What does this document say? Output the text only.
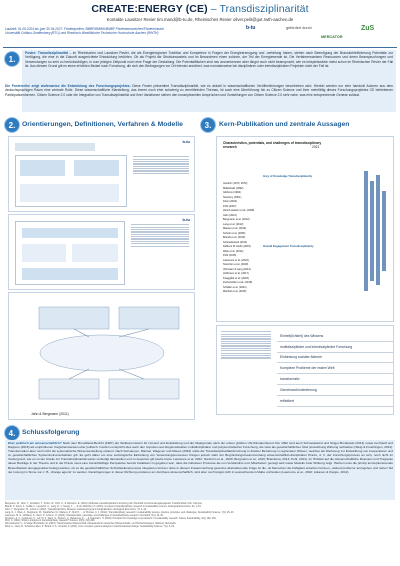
CREATE:ENERGY (CE) – Transdisziplinarität
Kontakte Lausitzer Revier tim.mand@b-tu.de, Rheinisches Revier oliver.pelit@gut.rwth-aachen.de
Laufzeit: 01.05.2024 bis (per 30.04.2027. Förderquellen: BMBF/BMWK/BMBF Förderkennzeichen/Förderhinweis
Universität Cottbus-Senftenberg (BTU) und Rheinisch-Westfälische Technische Hochschule Aachen (RWTH)
b-tu	gefördert durch
MERCATOR
ZuS
1.
Poster: Transdisziplinarität – im Rheinischen und Lausitzer Revier, die als Energieregionen Tradition und Kompetenz in Fragen der Energieerzeugung und -verteilung haben, stehen nach Beendigung der Braunkohleförderung Potentiale zur Verfügung, die eine in die Zukunft ausgerichtete Entwicklung bedürfen. Ob als Projekt die Strukturwandels und im Besonderen einen solchen, der Teil der Energiewende ist. Die Verfahrensweisen Ressourcen und deren Beanspruchungen und Verwendungen so sehr zu berücksichtigen, in zum jetzigen Zeitpunkt noch eine Frage der Gestaltung. Die Potentialflächen sind neu anzuerkennen aber längst noch nicht beansprucht, wie es beispielsweise meist schon im Rheinischen Revier der Fall ist. Aus diesem Grund gilt es einen erhöhten Bedarf nach Forschung, die sich den Bedingungen vor Ort intensiv annähert, was normalerweise bei disziplinären oder interdisziplinären Projekten nicht der Fall ist.
Die Posterreihe zeigt stufenweise die Entwicklung des Forschungsprojektes: Diese Poster präsentiert Transdisziplinarität, wie es aktuell in wissenschaftlichen Veröffentlichungen beschrieben wird. Hierbei werden nur eine handvoll Autoren aus dem deutschsprachigen Raum eine zentrale Rolle. Diese wissenschaftliche Klarstellung, das immer noch eher schwierig zu vermittelnden Themas, ist auch eine Überführung hin zu Citizen Science und ihrer mehrfältig dieses Forschungsprojektes CE betriebenen Partizipationsformen. Citizen Science 2.0 oder die Integration von Transdisziplinarität und ihrer Variationen stehen den konzeptionellen Ansprüchen und Vorstellungen von Citizen Science 2.0 sehr nahe, was eine entsprechende Genese zulässt.
2. Orientierungen, Definitionen, Verfahren & Modelle
b-tu
b-tu
Jahn & Bergmann (2011)
3.	Kern-Publikation und zentrale Aussagen
Characteristics, potentials, and challenges of transdisciplinary research	2021
Grey of Knowledge Transdisciplinarity
Overall Engagement Transdisciplinarity
Jantsch (1970, 1972)
Mittelstraß (1992)
Gibbons (1994)
Nowotny (2001)
Klein (2004)
Pohl (2007)
Hirsch Hadorn et al. (2008)
Jahn (2012)
Bergmann et al. (2012)
Lang et al. (2012)
Mauser et al. (2013)
Scholz et al. (2006)
Brandt et al. (2013)
Schneidewind (2011)
Defila & Di Giulio (2015)
Wiek et al. (2012)
Polk (2015)
Lawrence et al. (2022)
Norström et al. (2020)
Vilsmaier & Lang (2014)
Hoffmann et al. (2017)
Knaggård et al. (2018)
Zscheischler et al. (2018)
Schäfer et al. (2021)
Mitchell et al. (2015)
Einheit(lichkeit) des Wissens
multidisziplinäre und interdisziplinäre Forschung
Einbindung sozialer Akteure
Komplexe Probleme der realen Welt
transformativ
Gemeinwohlorientierung
reflektiert
4. Schlussfolgerung
Eher politisch als wissenschaftlich? Nach dem Brundtland-Bericht (1987) der Weltkommission für Umwelt und Entwicklung und der Dialogrunde nach der ersten größten UN-Klimakonferenz Rio 1992 sind auch Schneidewind und Singer-Brodowski (2013) sowie bei Rauff und Rappers (2018) als empfohlenen Vorgehensweisen eher politisch. Insofern entspricht dies auch den Impulsen aus Regionalstudien multidisziplinärer und polyzentristischer Forschung, die zwar als gesellschaftliches Übel (Auswirkung Wirkung verbleiben (Weig & Froehlingen, 2014). Transformation aber noch nicht als systematische Wissenserstellung erkannt. Nach Kelmanyen, Marinel, Wagener und Mauss (2016) sollte die Transdisziplinaritätsforschung in direkter Beziehung in regionalem Wissen, welches als Werkzeug zur Entwicklung von kooperativen und zu gesellschaftlichen Systeminstrumentalisten gilt. Es geht dabei um eine soziologische Einbettung von Verwertungsprozessen bringen jedoch steht der Begründungszusammenhang wissenschaftlich-disziplinärer Praxis, d. h. der Forschungsprozess an sich, noch nicht im Vordergrund, wie es zu der Urteile zur Transdisziplinarität weiter verfestigt dazustellen und zu bewerten gilt (siehe bspw. Lawrence et al. 2022; Norström et al., 2020; Bergmann et al., 2010; Brandsma, 2014; Pohl, 2014). Im Hinblick auf die wissenschaftliche Relevanz und Tragweite dieser Beiträge in der Theorie und in der Praxis muss eine zukunftsfähige Perspektive bereits initialisiert zu gegeben sein, dass die inklusiven Prozesse als von Verständnis und ‚Mitarbeiten' gezeigt wird sowie Modelle zwar Wirkung zeigt. Hierbei muss die prinzip konzeptionierende Bewertbarkeit demgegenüber beliegt werden, ob es die gesellschaftlichen Schnittstellenprozesse integrieren können. Eine in diesem Zusammenhang gesetzes abstrahierende Frage ist die, ob Menschen die Fähigkeit erwerben können, ‚wicked problems' anzugehen und neben Teil der Lösung im Sinne von z. B. ‚change agents' zu werden. Derartigerungen in dieser Richtung existieren am durchaus wissenschaftlich, sind aber noch längst nicht in ausreichendem Maße vorhanden (Lawrence et al., 2022; Liikanen & Kleppe, 2012).
Bergmann, M., Jahn, T., Knobloch, T., Krohn, W., Pohl, C., & Schramm, E. (2010). Methoden transdisziplinärer Forschung. Ein Überblick mit Anwendungsbeispielen. Frankfurt/New York: Campus.
Brandt, P., Ernst, A., Gralla, F., Luederitz, C., Lang, D. J., Newig, J., ... & von Wehrden, H. (2013). A review of transdisciplinary research in sustainability science. Ecological Economics, 92, 1–15.
Jahn, T., Bergmann, M., & Keil, F. (2012). Transdisciplinarity: Between mainstreaming and marginalization. Ecological Economics, 79, 1–10.
Lang, D. J., Wiek, A., Bergmann, M., Stauffacher, M., Martens, P., Moll, P., ... & Thomas, C. J. (2012). Transdisciplinary research in sustainability science: practice, principles, and challenges. Sustainability Science, 7(1), 25–43.
Lawrence, M. G., Williams, S., Nanz, P., & Renn, O. (2022). Characteristics, potentials, and challenges of transdisciplinary research. One Earth, 5(1), 44–61.
Norström, A. V., Cvitanovic, C., Löf, M. F., West, S., Wyborn, C., Balvanera, P., ... & Österblom, H. (2020). Principles for knowledge co-production in sustainability research. Nature Sustainability, 3(3), 182–190.
Pohl, C. (2011). What is progress in transdisciplinary research? Futures, 43(6), 618–626.
Schneidewind, U., & Singer-Brodowski, M. (2013). Transformative Wissenschaft. Klimawandel im deutschen Wissenschafts- und Hochschulsystem. Marburg: Metropolis.
Wiek, A., Ness, B., Schweizer-Ries, P., Brand, F. S., & Farioli, F. (2012). From complex systems analysis to transformational change. Sustainability Science, 7(1), 5–24.
